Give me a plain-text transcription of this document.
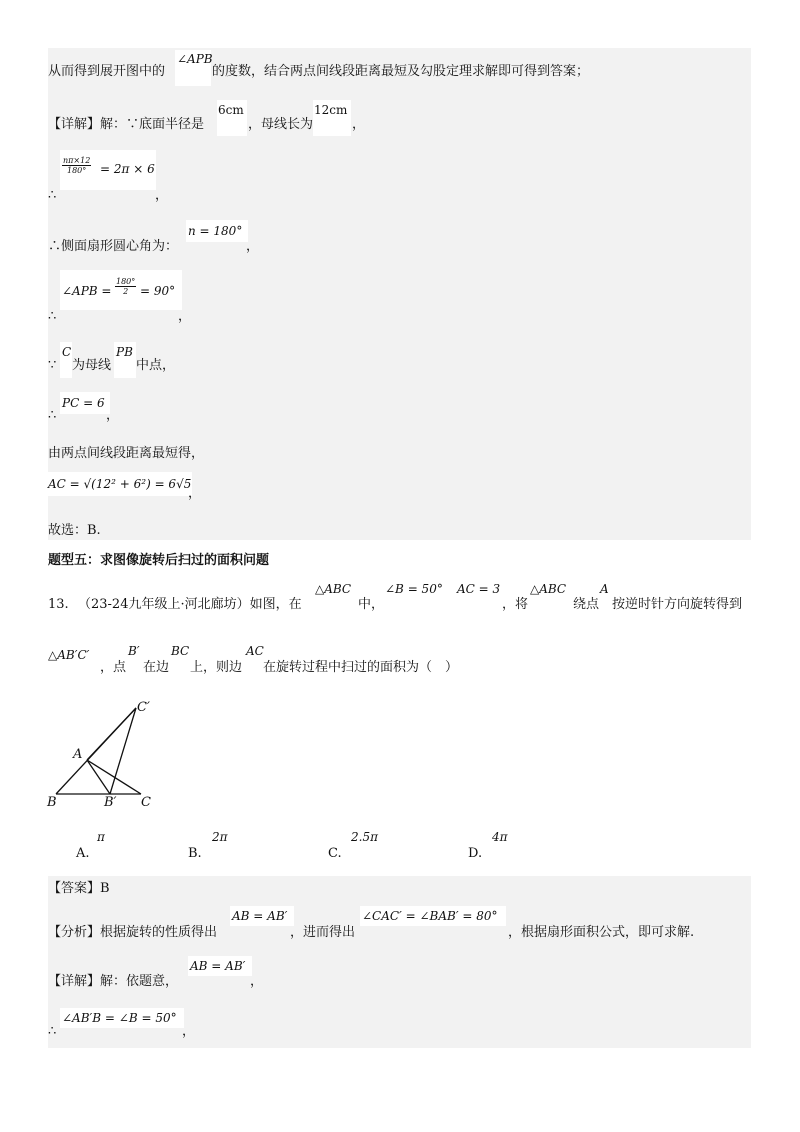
从而得到展开图中的
∠APB
的度数，结合两点间线段距离最短及勾股定理求解即可得到答案；
【详解】解：∵底面半径是
6cm
，母线长为
12cm
，
$\frac{n\pi\times 12}{180^\circ} = 2\pi \times 6$
∴	，
∴侧面扇形圆心角为：
n = 180°
，
∠APB = $\frac{180^\circ}{2} = 90^\circ$
∴	，
∵
C
为母线
PB
中点，
PC = 6
∴	，
由两点间线段距离最短得，
AC = √(12² + 6²) = 6√5
，
故选：B.
题型五：求图像旋转后扫过的面积问题
13. （23-24九年级上·河北廊坊）如图，在
△ABC
中，
∠B = 50° AC = 3
，将
△ABC
绕点
A
按逆时针方向旋转得到
△AB′C′
，点
B′
在边
BC
上，则边
AC
在旋转过程中扫过的面积为（　）
A
B	B′ C
C′
A.
π
B.
2π
C.
2.5π
D.
4π
【答案】B
【分析】根据旋转的性质得出
AB = AB′
，进而得出
∠CAC′ = ∠BAB′ = 80°
，根据扇形面积公式，即可求解.
【详解】解：依题意，
AB = AB′
，
∠AB′B = ∠B = 50°
∴	，
